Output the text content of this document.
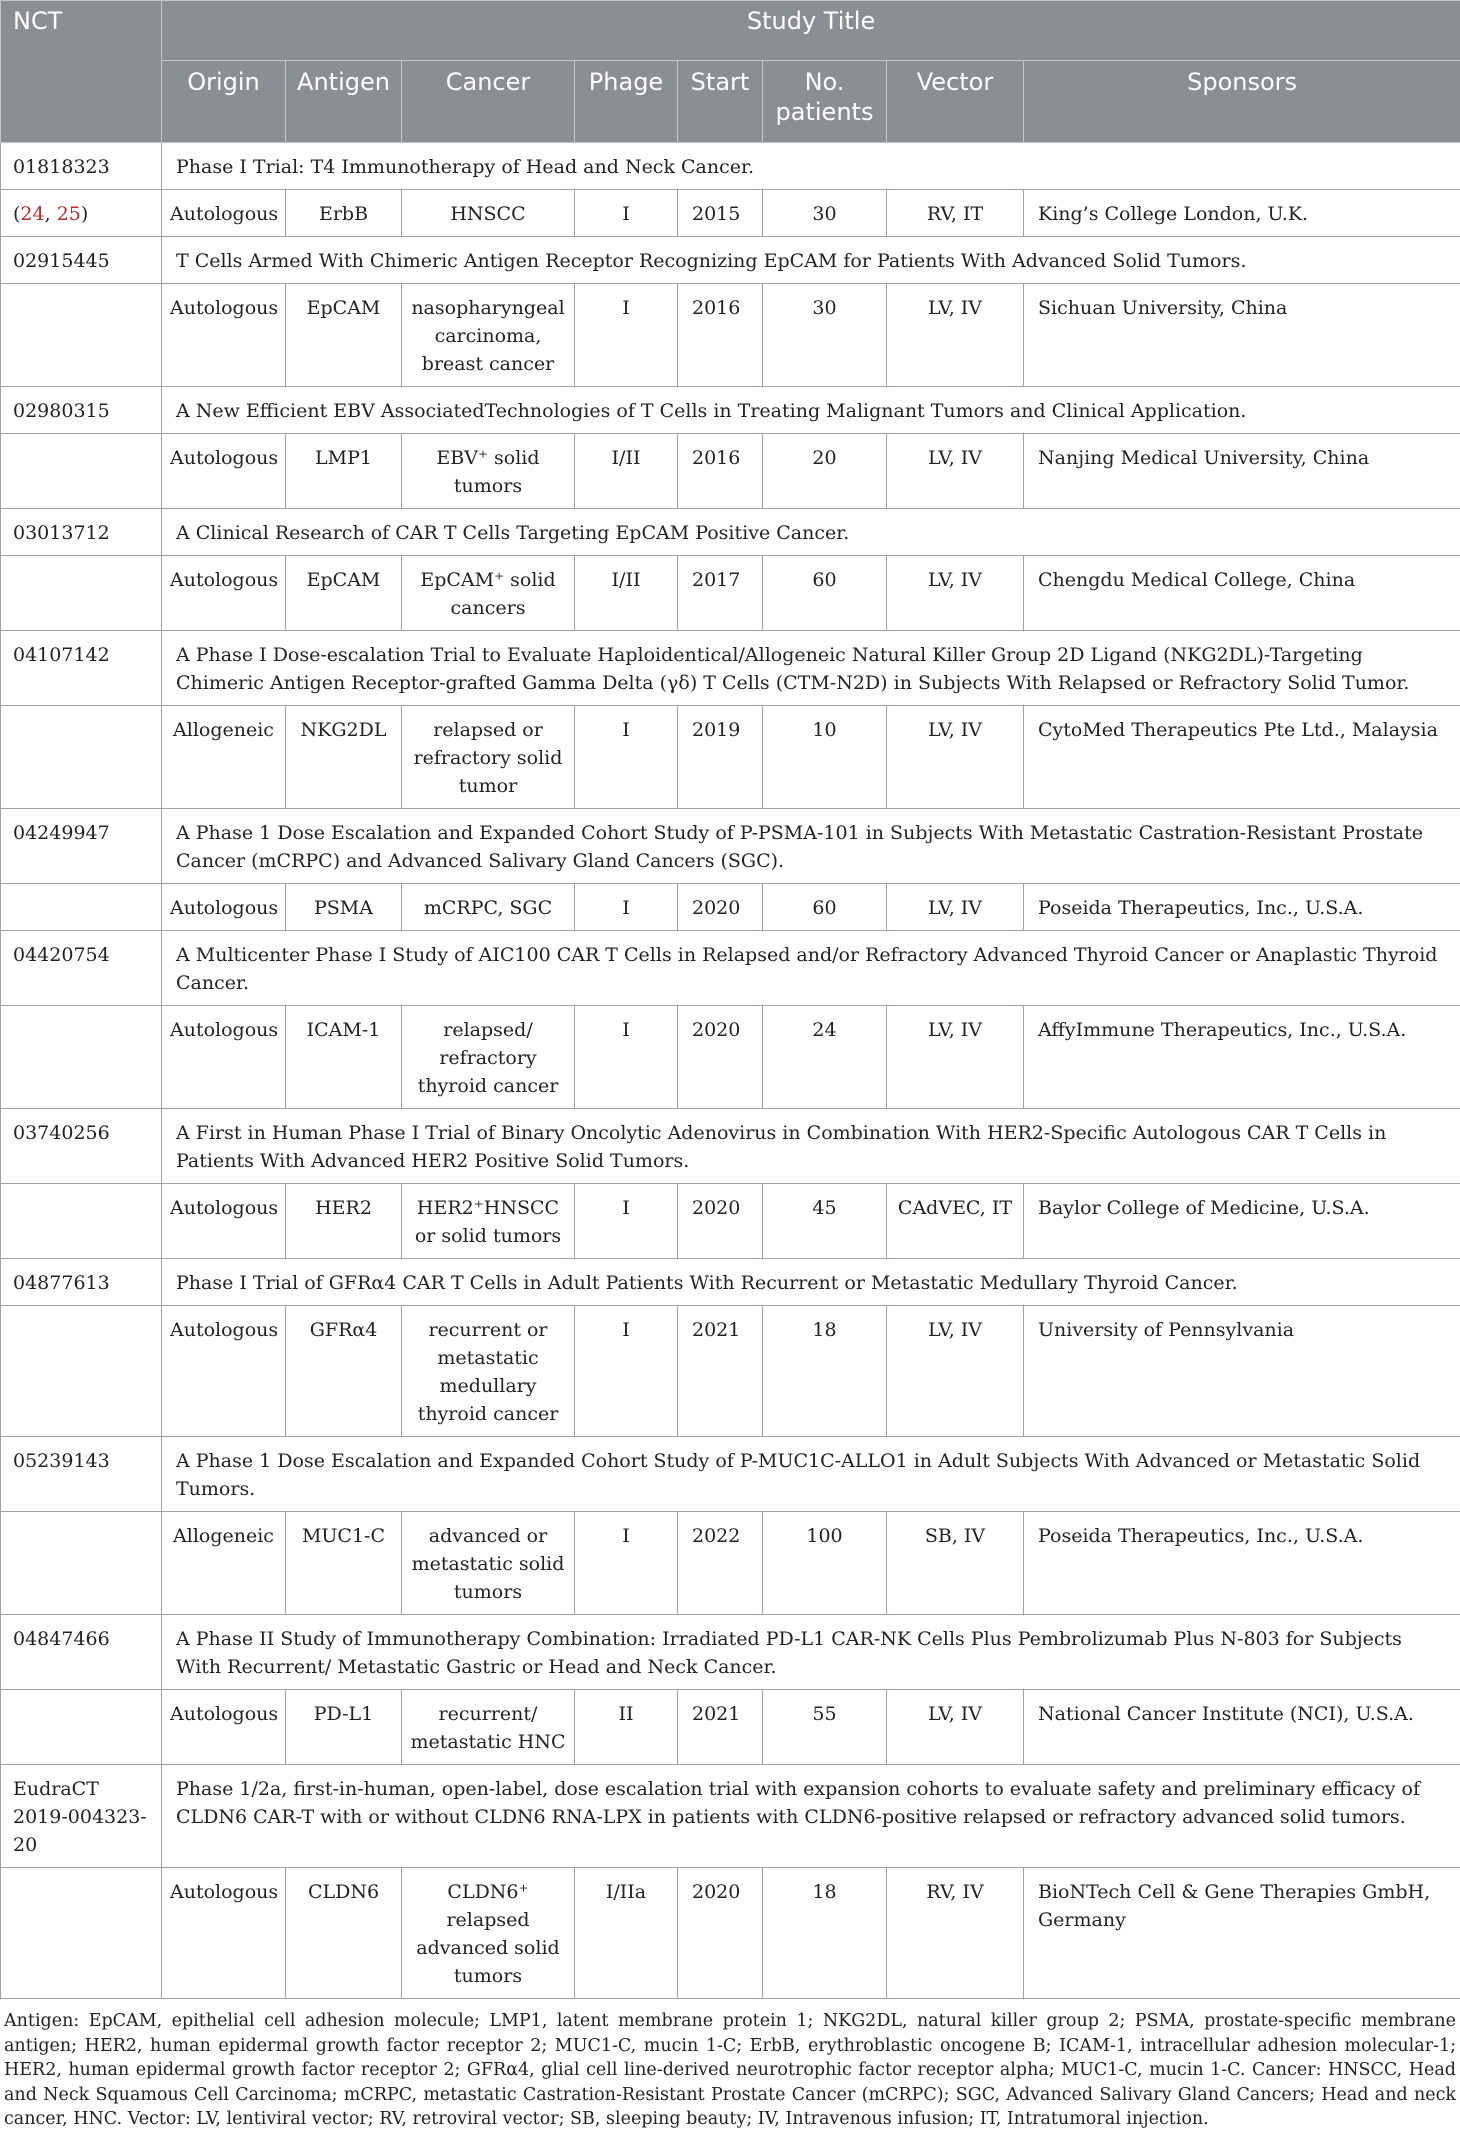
NCT	Study Title							
	Origin	Antigen	Cancer	Phage	Start	No. patients	Vector	Sponsors
01818323	Phase I Trial: T4 Immunotherapy of Head and Neck Cancer.							
(24, 25)	Autologous	ErbB	HNSCC	I	2015	30	RV, IT	King’s College London, U.K.
02915445	T Cells Armed With Chimeric Antigen Receptor Recognizing EpCAM for Patients With Advanced Solid Tumors.							
	Autologous	EpCAM	nasopharyngeal carcinoma, breast cancer	I	2016	30	LV, IV	Sichuan University, China
02980315	A New Efficient EBV AssociatedTechnologies of T Cells in Treating Malignant Tumors and Clinical Application.							
	Autologous	LMP1	EBV⁺ solid tumors	I/II	2016	20	LV, IV	Nanjing Medical University, China
03013712	A Clinical Research of CAR T Cells Targeting EpCAM Positive Cancer.							
	Autologous	EpCAM	EpCAM⁺ solid cancers	I/II	2017	60	LV, IV	Chengdu Medical College, China
04107142	A Phase I Dose-escalation Trial to Evaluate Haploidentical/Allogeneic Natural Killer Group 2D Ligand (NKG2DL)-Targeting Chimeric Antigen Receptor-grafted Gamma Delta (γδ) T Cells (CTM-N2D) in Subjects With Relapsed or Refractory Solid Tumor.							
	Allogeneic	NKG2DL	relapsed or refractory solid tumor	I	2019	10	LV, IV	CytoMed Therapeutics Pte Ltd., Malaysia
04249947	A Phase 1 Dose Escalation and Expanded Cohort Study of P-PSMA-101 in Subjects With Metastatic Castration-Resistant Prostate Cancer (mCRPC) and Advanced Salivary Gland Cancers (SGC).							
	Autologous	PSMA	mCRPC, SGC	I	2020	60	LV, IV	Poseida Therapeutics, Inc., U.S.A.
04420754	A Multicenter Phase I Study of AIC100 CAR T Cells in Relapsed and/or Refractory Advanced Thyroid Cancer or Anaplastic Thyroid Cancer.							
	Autologous	ICAM-1	relapsed/ refractory thyroid cancer	I	2020	24	LV, IV	AffyImmune Therapeutics, Inc., U.S.A.
03740256	A First in Human Phase I Trial of Binary Oncolytic Adenovirus in Combination With HER2-Specific Autologous CAR T Cells in Patients With Advanced HER2 Positive Solid Tumors.							
	Autologous	HER2	HER2⁺HNSCC or solid tumors	I	2020	45	CAdVEC, IT	Baylor College of Medicine, U.S.A.
04877613	Phase I Trial of GFRα4 CAR T Cells in Adult Patients With Recurrent or Metastatic Medullary Thyroid Cancer.							
	Autologous	GFRα4	recurrent or metastatic medullary thyroid cancer	I	2021	18	LV, IV	University of Pennsylvania
05239143	A Phase 1 Dose Escalation and Expanded Cohort Study of P-MUC1C-ALLO1 in Adult Subjects With Advanced or Metastatic Solid Tumors.							
	Allogeneic	MUC1-C	advanced or metastatic solid tumors	I	2022	100	SB, IV	Poseida Therapeutics, Inc., U.S.A.
04847466	A Phase II Study of Immunotherapy Combination: Irradiated PD-L1 CAR-NK Cells Plus Pembrolizumab Plus N-803 for Subjects With Recurrent/ Metastatic Gastric or Head and Neck Cancer.							
	Autologous	PD-L1	recurrent/ metastatic HNC	II	2021	55	LV, IV	National Cancer Institute (NCI), U.S.A.
EudraCT 2019-004323-20	Phase 1/2a, first-in-human, open-label, dose escalation trial with expansion cohorts to evaluate safety and preliminary efficacy of CLDN6 CAR-T with or without CLDN6 RNA-LPX in patients with CLDN6-positive relapsed or refractory advanced solid tumors.							
	Autologous	CLDN6	CLDN6⁺ relapsed advanced solid tumors	I/IIa	2020	18	RV, IV	BioNTech Cell & Gene Therapies GmbH, Germany
Antigen: EpCAM, epithelial cell adhesion molecule; LMP1, latent membrane protein 1; NKG2DL, natural killer group 2; PSMA, prostate-specific membrane antigen; HER2, human epidermal growth factor receptor 2; MUC1-C, mucin 1-C; ErbB, erythroblastic oncogene B; ICAM-1, intracellular adhesion molecular-1; HER2, human epidermal growth factor receptor 2; GFRα4, glial cell line-derived neurotrophic factor receptor alpha; MUC1-C, mucin 1-C. Cancer: HNSCC, Head and Neck Squamous Cell Carcinoma; mCRPC, metastatic Castration-Resistant Prostate Cancer (mCRPC); SGC, Advanced Salivary Gland Cancers; Head and neck cancer, HNC. Vector: LV, lentiviral vector; RV, retroviral vector; SB, sleeping beauty; IV, Intravenous infusion; IT, Intratumoral injection.
